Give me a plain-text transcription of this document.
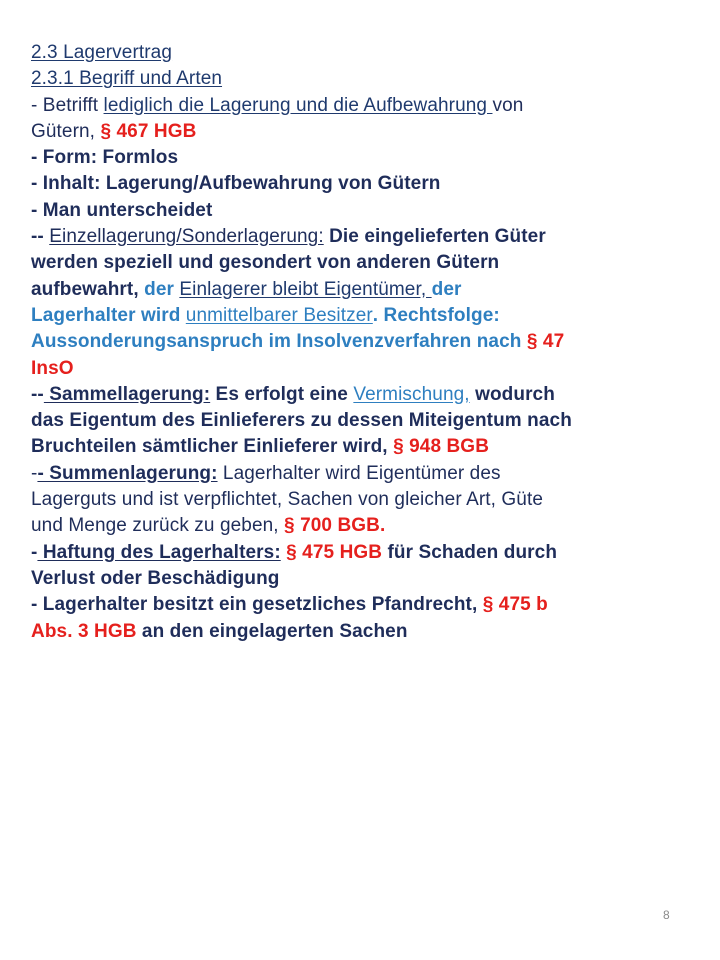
2.3 Lagervertrag
2.3.1 Begriff und Arten
- Betrifft lediglich die Lagerung und die Aufbewahrung von
Gütern, § 467 HGB
- Form: Formlos
- Inhalt: Lagerung/Aufbewahrung von Gütern
- Man unterscheidet
-- Einzellagerung/Sonderlagerung: Die eingelieferten Güter
werden speziell und gesondert von anderen Gütern
aufbewahrt, der Einlagerer bleibt Eigentümer, der
Lagerhalter wird unmittelbarer Besitzer. Rechtsfolge:
Aussonderungsanspruch im Insolvenzverfahren nach § 47
InsO
-- Sammellagerung: Es erfolgt eine Vermischung, wodurch
das Eigentum des Einlieferers zu dessen Miteigentum nach
Bruchteilen sämtlicher Einlieferer wird, § 948 BGB
-- Summenlagerung: Lagerhalter wird Eigentümer des
Lagerguts und ist verpflichtet, Sachen von gleicher Art, Güte
und Menge zurück zu geben, § 700 BGB.
- Haftung des Lagerhalters: § 475 HGB für Schaden durch
Verlust oder Beschädigung
- Lagerhalter besitzt ein gesetzliches Pfandrecht, § 475 b
Abs. 3 HGB an den eingelagerten Sachen
8
